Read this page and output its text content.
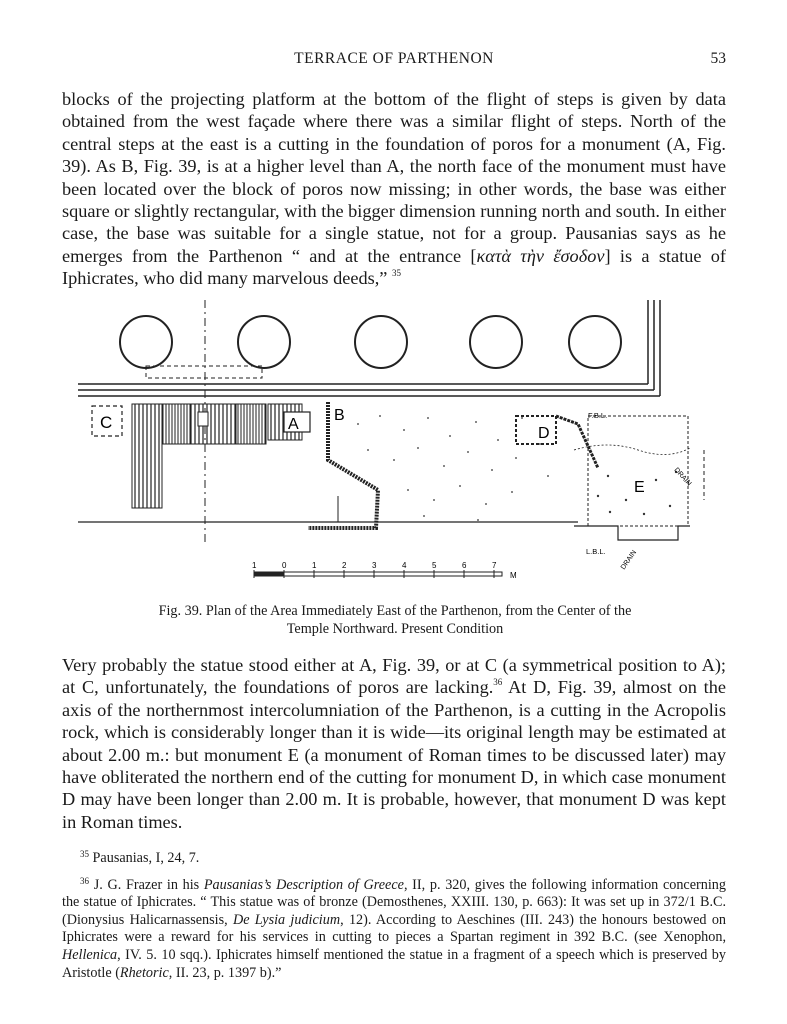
TERRACE OF PARTHENON	53

blocks of the projecting platform at the bottom of the flight of steps is given by data obtained from the west façade where there was a similar flight of steps. North of the central steps at the east is a cutting in the foundation of poros for a monument (A, Fig. 39). As B, Fig. 39, is at a higher level than A, the north face of the monument must have been located over the block of poros now missing; in other words, the base was either square or slightly rectangular, with the bigger dimension running north and south. In either case, the base was suitable for a single statue, not for a group. Pausanias says as he emerges from the Parthenon “ and at the entrance [κατὰ τὴν ἔσοδον] is a statue of Iphicrates, who did many marvelous deeds,” $^{35}$

C	A
B
D
E
F.B.L.
L.B.L.
DRAIN
DRAIN
1	0	1	2	3	4	5	6	7
M
Fig. 39. Plan of the Area Immediately East of the Parthenon, from the Center of the
Temple Northward. Present Condition

Very probably the statue stood either at A, Fig. 39, or at C (a symmetrical position to A); at C, unfortunately, the foundations of poros are lacking.$^{36}$ At D, Fig. 39, almost on the axis of the northernmost intercolumniation of the Parthenon, is a cutting in the Acropolis rock, which is considerably longer than it is wide—its original length may be estimated at about 2.00 m.: but monument E (a monument of Roman times to be discussed later) may have obliterated the northern end of the cutting for monument D, in which case monument D may have been longer than 2.00 m. It is probable, however, that monument D was kept in Roman times.

$^{35}$ Pausanias, I, 24, 7.

$^{36}$ J. G. Frazer in his Pausanias’s Description of Greece, II, p. 320, gives the following information concerning the statue of Iphicrates. “ This statue was of bronze (Demosthenes, XXIII. 130, p. 663): It was set up in 372/1 B.C. (Dionysius Halicarnassensis, De Lysia judicium, 12). According to Aeschines (III. 243) the honours bestowed on Iphicrates were a reward for his services in cutting to pieces a Spartan regiment in 392 B.C. (see Xenophon, Hellenica, IV. 5. 10 sqq.). Iphicrates himself mentioned the statue in a fragment of a speech which is preserved by Aristotle (Rhetoric, II. 23, p. 1397 b).”
